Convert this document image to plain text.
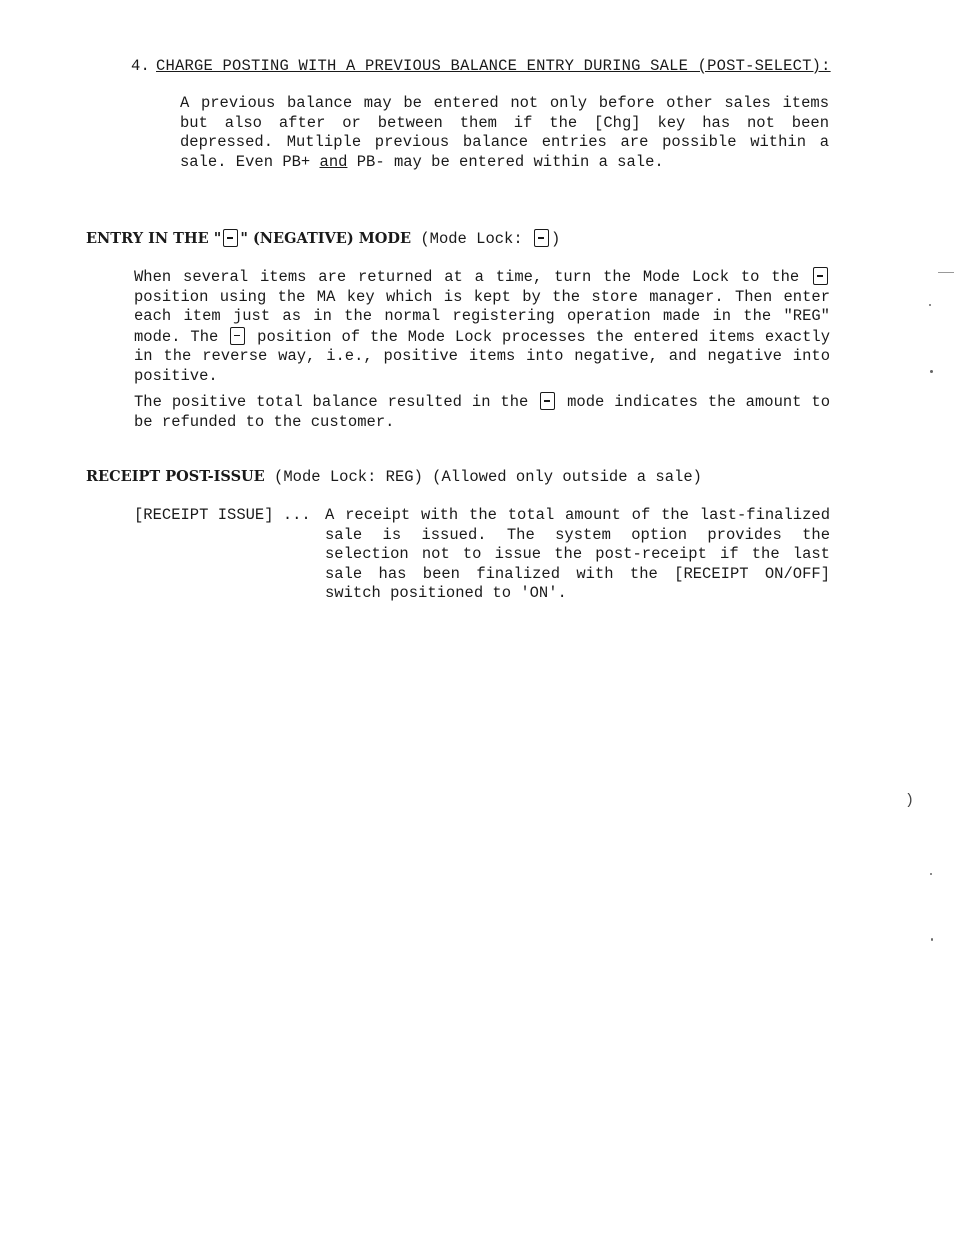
4. CHARGE POSTING WITH A PREVIOUS BALANCE ENTRY DURING SALE (POST-SELECT):
A previous balance may be entered not only before other sales items but also after or between them if the [Chg] key has not been depressed. Mutliple previous balance entries are possible within a sale. Even PB+ and PB- may be entered within a sale.
ENTRY IN THE " " (NEGATIVE) MODE (Mode Lock: )
When several items are returned at a time, turn the Mode Lock to the  position using the MA key which is kept by the store manager. Then enter each item just as in the normal registering operation made in the "REG" mode. The  position of the Mode Lock processes the entered items exactly in the reverse way, i.e., positive items into negative, and negative into positive.
The positive total balance resulted in the  mode indicates the amount to be refunded to the customer.
RECEIPT POST-ISSUE (Mode Lock: REG) (Allowed only outside a sale)
[RECEIPT ISSUE] ... A receipt with the total amount of the last-finalized sale is issued. The system option provides the selection not to issue the post-receipt if the last sale has been finalized with the [RECEIPT ON/OFF] switch positioned to 'ON'.
)
